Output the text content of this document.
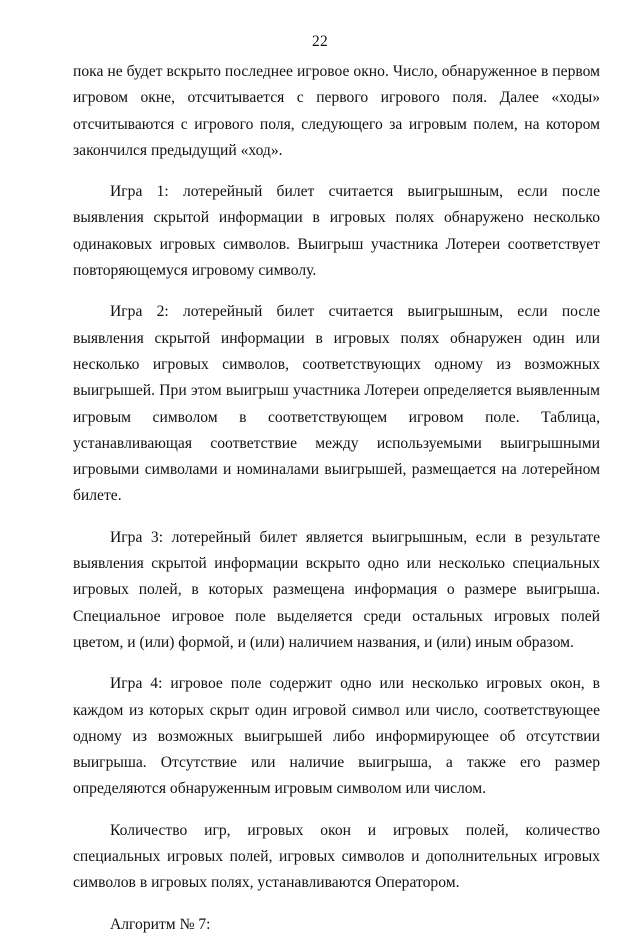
22

пока не будет вскрыто последнее игровое окно. Число, обнаруженное в первом игровом окне, отсчитывается с первого игрового поля. Далее «ходы» отсчитываются с игрового поля, следующего за игровым полем, на котором закончился предыдущий «ход».

Игра 1: лотерейный билет считается выигрышным, если после выявления скрытой информации в игровых полях обнаружено несколько одинаковых игровых символов. Выигрыш участника Лотереи соответствует повторяющемуся игровому символу.

Игра 2: лотерейный билет считается выигрышным, если после выявления скрытой информации в игровых полях обнаружен один или несколько игровых символов, соответствующих одному из возможных выигрышей. При этом выигрыш участника Лотереи определяется выявленным игровым символом в соответствующем игровом поле. Таблица, устанавливающая соответствие между используемыми выигрышными игровыми символами и номиналами выигрышей, размещается на лотерейном билете.

Игра 3: лотерейный билет является выигрышным, если в результате выявления скрытой информации вскрыто одно или несколько специальных игровых полей, в которых размещена информация о размере выигрыша. Специальное игровое поле выделяется среди остальных игровых полей цветом, и (или) формой, и (или) наличием названия, и (или) иным образом.

Игра 4: игровое поле содержит одно или несколько игровых окон, в каждом из которых скрыт один игровой символ или число, соответствующее одному из возможных выигрышей либо информирующее об отсутствии выигрыша. Отсутствие или наличие выигрыша, а также его размер определяются обнаруженным игровым символом или числом.

Количество игр, игровых окон и игровых полей, количество специальных игровых полей, игровых символов и дополнительных игровых символов в игровых полях, устанавливаются Оператором.

Алгоритм № 7:
